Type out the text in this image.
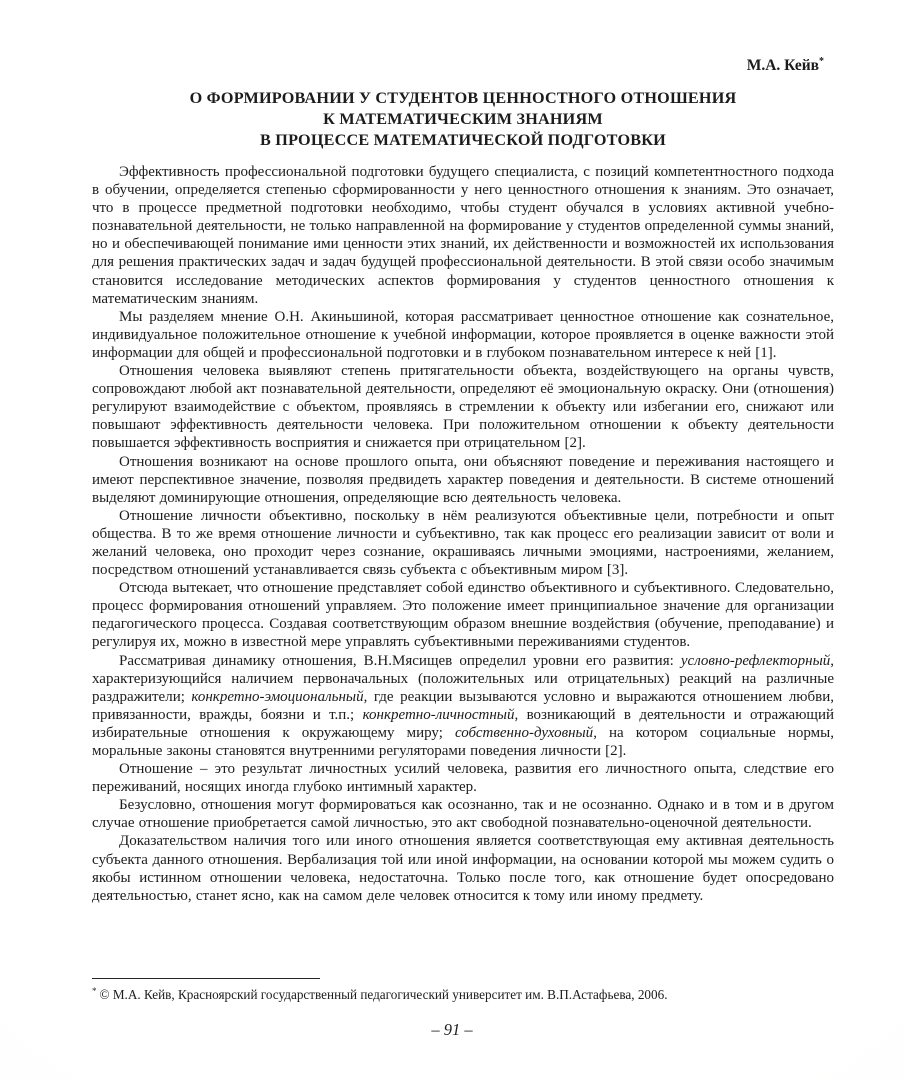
М.А. Кейв*
О ФОРМИРОВАНИИ У СТУДЕНТОВ ЦЕННОСТНОГО ОТНОШЕНИЯ
К МАТЕМАТИЧЕСКИМ ЗНАНИЯМ
В ПРОЦЕССЕ МАТЕМАТИЧЕСКОЙ ПОДГОТОВКИ

Эффективность профессиональной подготовки будущего специалиста, с позиций компетентностного подхода в обучении, определяется степенью сформированности у него ценностного отношения к знаниям. Это означает, что в процессе предметной подготовки необходимо, чтобы студент обучался в условиях активной учебно-познавательной деятельности, не только направленной на формирование у студентов определенной суммы знаний, но и обеспечивающей понимание ими ценности этих знаний, их действенности и возможностей их использования для решения практических задач и задач будущей профессиональной деятельности. В этой связи особо значимым становится исследование методических аспектов формирования у студентов ценностного отношения к математическим знаниям.

Мы разделяем мнение О.Н. Акиньшиной, которая рассматривает ценностное отношение как сознательное, индивидуальное положительное отношение к учебной информации, которое проявляется в оценке важности этой информации для общей и профессиональной подготовки и в глубоком познавательном интересе к ней [1].

Отношения человека выявляют степень притягательности объекта, воздействующего на органы чувств, сопровождают любой акт познавательной деятельности, определяют её эмоциональную окраску. Они (отношения) регулируют взаимодействие с объектом, проявляясь в стремлении к объекту или избегании его, снижают или повышают эффективность деятельности человека. При положительном отношении к объекту деятельности повышается эффективность восприятия и снижается при отрицательном [2].

Отношения возникают на основе прошлого опыта, они объясняют поведение и переживания настоящего и имеют перспективное значение, позволяя предвидеть характер поведения и деятельности. В системе отношений выделяют доминирующие отношения, определяющие всю деятельность человека.

Отношение личности объективно, поскольку в нём реализуются объективные цели, потребности и опыт общества. В то же время отношение личности и субъективно, так как процесс его реализации зависит от воли и желаний человека, оно проходит через сознание, окрашиваясь личными эмоциями, настроениями, желанием, посредством отношений устанавливается связь субъекта с объективным миром [3].

Отсюда вытекает, что отношение представляет собой единство объективного и субъективного. Следовательно, процесс формирования отношений управляем. Это положение имеет принципиальное значение для организации педагогического процесса. Создавая соответствующим образом внешние воздействия (обучение, преподавание) и регулируя их, можно в известной мере управлять субъективными переживаниями студентов.

Рассматривая динамику отношения, В.Н.Мясищев определил уровни его развития: условно-рефлекторный, характеризующийся наличием первоначальных (положительных или отрицательных) реакций на различные раздражители; конкретно-эмоциональный, где реакции вызываются условно и выражаются отношением любви, привязанности, вражды, боязни и т.п.; конкретно-личностный, возникающий в деятельности и отражающий избирательные отношения к окружающему миру; собственно-духовный, на котором социальные нормы, моральные законы становятся внутренними регуляторами поведения личности [2].

Отношение – это результат личностных усилий человека, развития его личностного опыта, следствие его переживаний, носящих иногда глубоко интимный характер.

Безусловно, отношения могут формироваться как осознанно, так и не осознанно. Однако и в том и в другом случае отношение приобретается самой личностью, это акт свободной познавательно-оценочной деятельности.

Доказательством наличия того или иного отношения является соответствующая ему активная деятельность субъекта данного отношения. Вербализация той или иной информации, на основании которой мы можем судить о якобы истинном отношении человека, недостаточна. Только после того, как отношение будет опосредовано деятельностью, станет ясно, как на самом деле человек относится к тому или иному предмету.

* © М.А. Кейв, Красноярский государственный педагогический университет им. В.П.Астафьева, 2006.
– 91 –
